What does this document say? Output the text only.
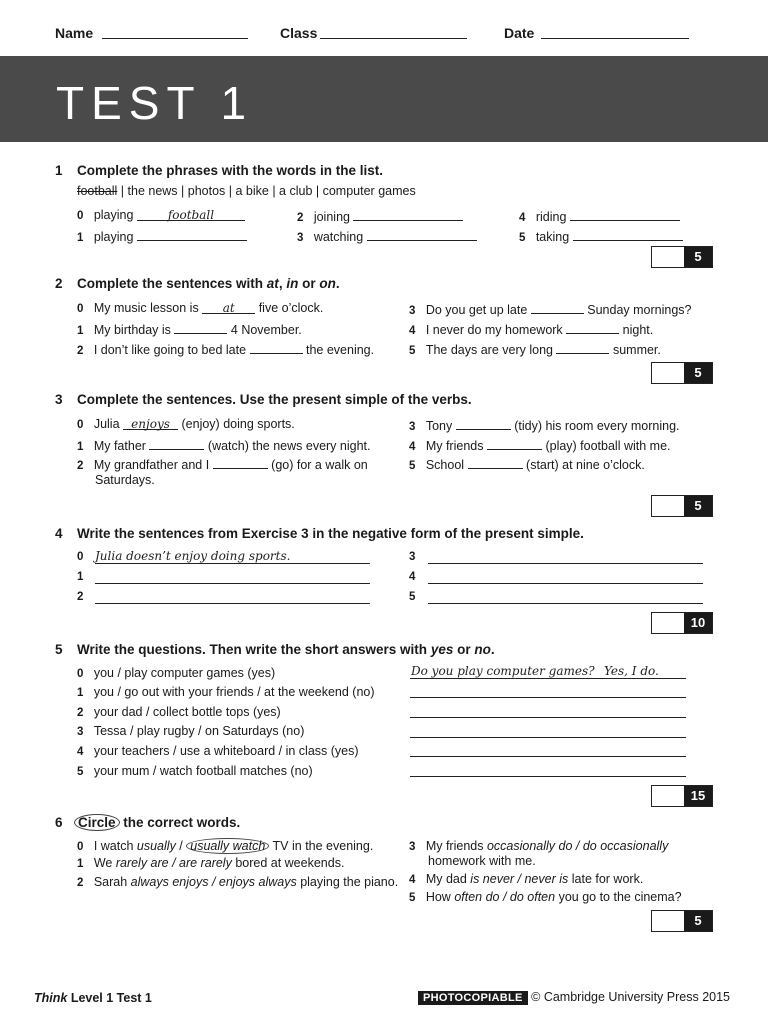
Name	Class	Date
TEST 1
1 Complete the phrases with the words in the list.
football | the news | photos | a bike | a club | computer games
0 playing	football
1 playing
2 joining
3 watching
4 riding
5 taking
5
2 Complete the sentences with at, in or on.
0 My music lesson is at five o’clock.
1 My birthday is	4 November.
2 I don’t like going to bed late	the evening.
3 Do you get up late	Sunday mornings?
4 I never do my homework	night.
5 The days are very long	summer.
5
3 Complete the sentences. Use the present simple of the verbs.
0 Julia enjoys (enjoy) doing sports.
1 My father	(watch) the news every night.
2 My grandfather and I	(go) for a walk on
Saturdays.
3 Tony	(tidy) his room every morning.
4 My friends	(play) football with me.
5 School	(start) at nine o’clock.
5
4 Write the sentences from Exercise 3 in the negative form of the present simple.
0 Julia doesn’t enjoy doing sports.
1
2
3
4
5
10
5 Write the questions. Then write the short answers with yes or no.
0 you / play computer games (yes)
1 you / go out with your friends / at the weekend (no)
2 your dad / collect bottle tops (yes)
3 Tessa / play rugby / on Saturdays (no)
4 your teachers / use a whiteboard / in class (yes)
5 your mum / watch football matches (no)
Do you play computer games? Yes, I do.
15
6 Circle the correct words.
0 I watch usually / usually watch TV in the evening.
1 We rarely are / are rarely bored at weekends.
2 Sarah always enjoys / enjoys always playing the piano.
3 My friends occasionally do / do occasionally
homework with me.
4 My dad is never / never is late for work.
5 How often do / do often you go to the cinema?
5
Think Level 1 Test 1	PHOTOCOPIABLE © Cambridge University Press 2015
